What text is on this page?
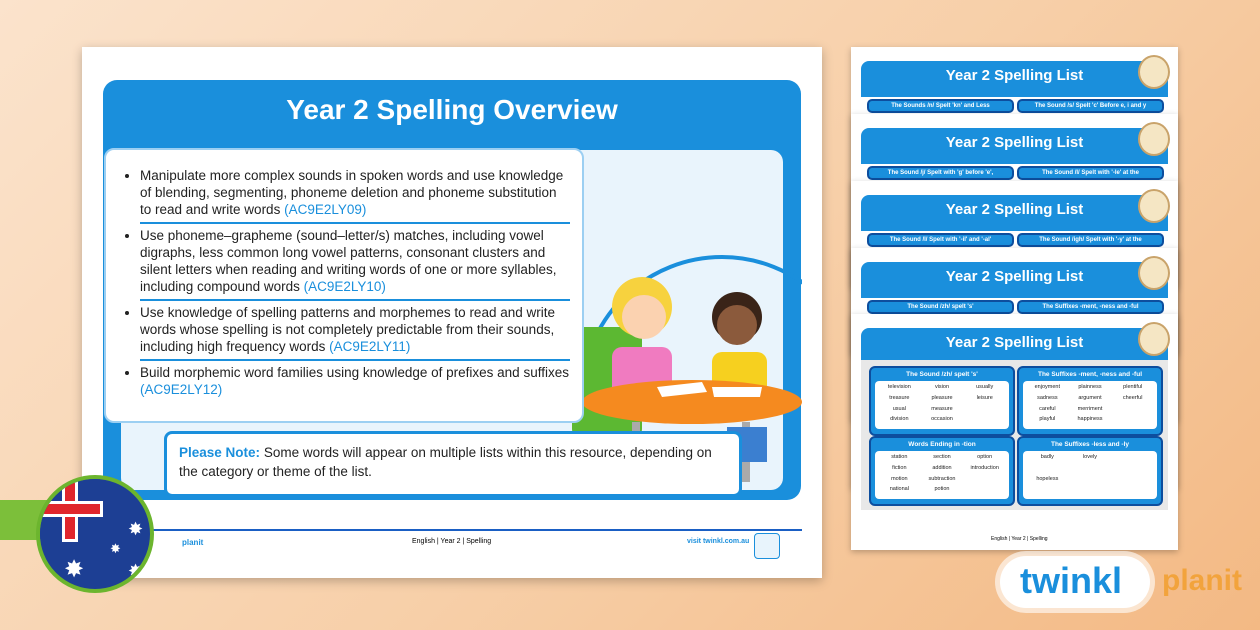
Year 2 Spelling Overview
• Manipulate more complex sounds in spoken words and use knowledge of blending, segmenting, phoneme deletion and phoneme substitution to read and write words (AC9E2LY09)
• Use phoneme–grapheme (sound–letter/s) matches, including vowel digraphs, less common long vowel patterns, consonant clusters and silent letters when reading and writing words of one or more syllables, including compound words (AC9E2LY10)
• Use knowledge of spelling patterns and morphemes to read and write words whose spelling is not completely predictable from their sounds, including high frequency words (AC9E2LY11)
• Build morphemic word families using knowledge of prefixes and suffixes (AC9E2LY12)
Please Note: Some words will appear on multiple lists within this resource, depending on the category or theme of the list.
planit	English | Year 2 | Spelling	visit twinkl.com.au
✸
✸
✸
✸
Year 2 Spelling List
The Sounds /n/ Spelt 'kn' and Less	The Sound /s/ Spelt 'c' Before e, i and y
Year 2 Spelling List
The Sound /j/ Spelt with 'g' before 'e',	The Sound /l/ Spelt with '-le' at the
Year 2 Spelling List
The Sound /l/ Spelt with '-il' and '-al'	The Sound /igh/ Spelt with '-y' at the
Year 2 Spelling List
The Sound /zh/ spelt 's'	The Suffixes -ment, -ness and -ful
Year 2 Spelling List
The Sound /zh/ spelt 's'
television	vision	usually
treasure	pleasure	leisure
usual	measure
division	occasion
The Suffixes -ment, -ness and -ful
enjoyment	plainness	plentiful
sadness	argument	cheerful
careful	merriment
playful	happiness
Words Ending in -tion
station	section	option
fiction	addition	introduction
motion	subtraction
national	potion
The Suffixes -less and -ly
badly	lovely
hopeless
English | Year 2 | Spelling
twinkl planit
